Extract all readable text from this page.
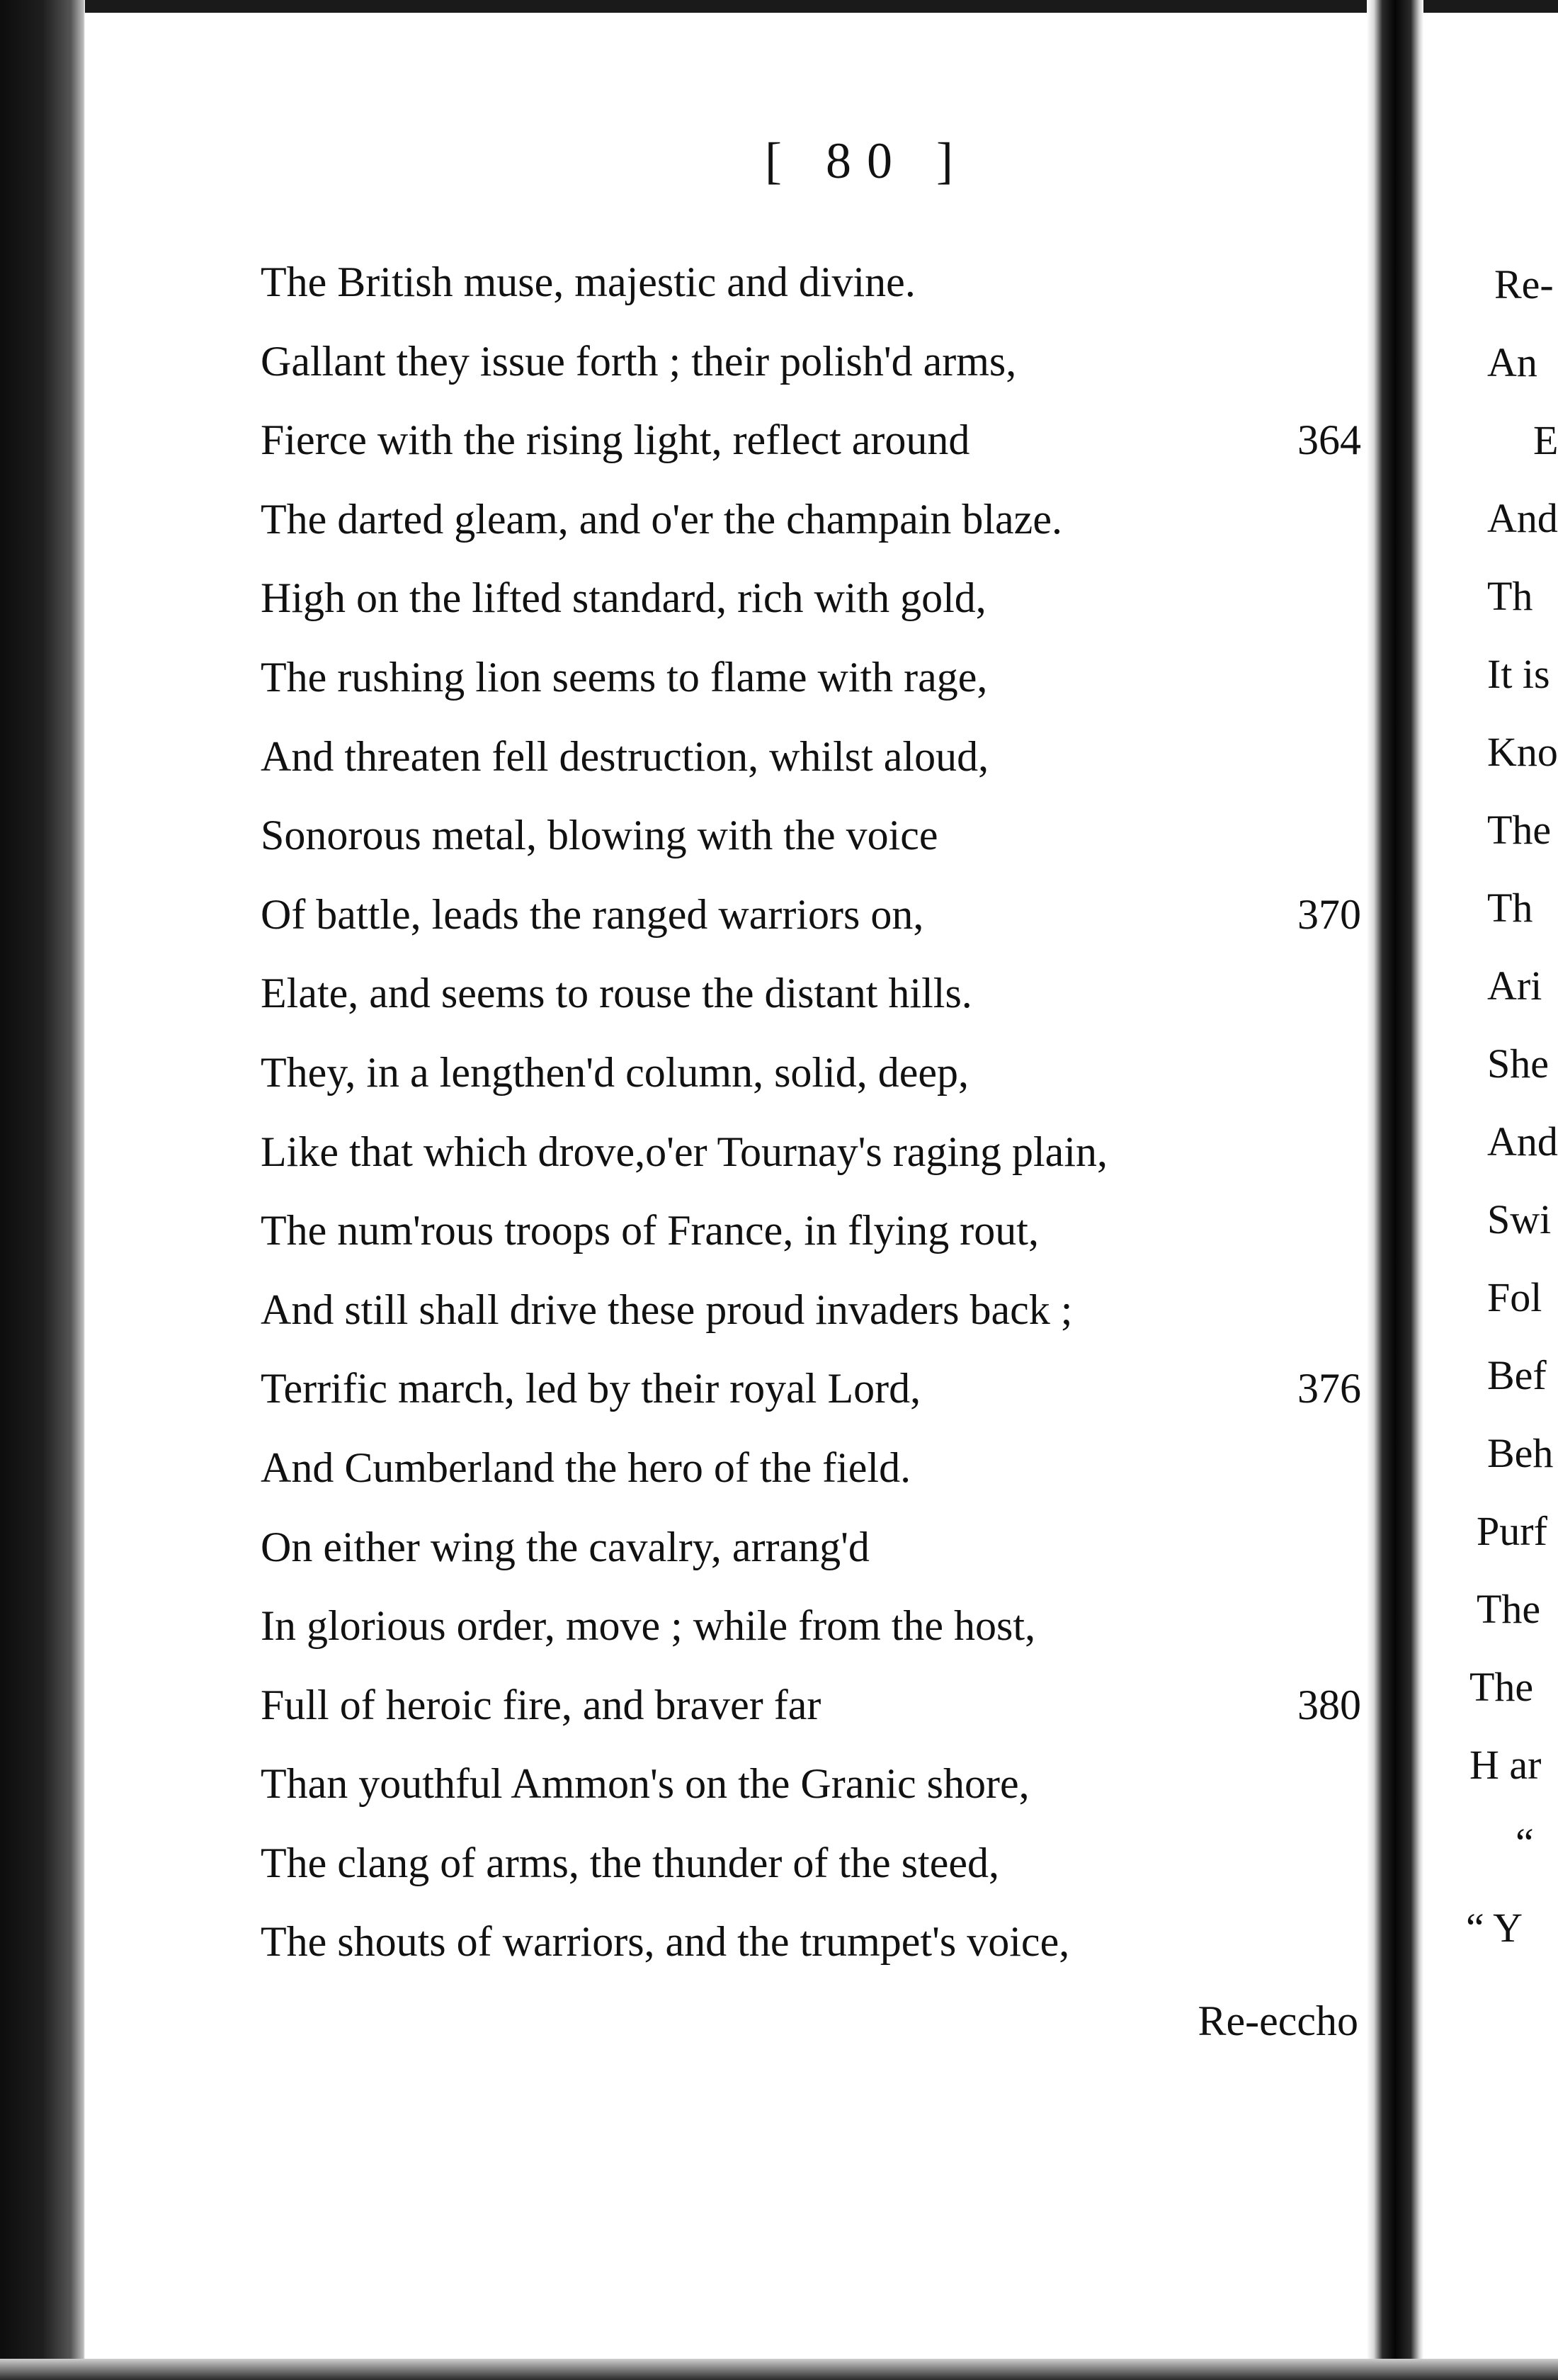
[ 80 ]
The British muse, majestic and divine.
Gallant they issue forth ; their polish'd arms,
Fierce with the rising light, reflect around	364
The darted gleam, and o'er the champain blaze.
High on the lifted standard, rich with gold,
The rushing lion seems to flame with rage,
And threaten fell destruction, whilst aloud,
Sonorous metal, blowing with the voice
Of battle, leads the ranged warriors on,	370
Elate, and seems to rouse the distant hills.
They, in a lengthen'd column, solid, deep,
Like that which drove,o'er Tournay's raging plain,
The num'rous troops of France, in flying rout,
And still shall drive these proud invaders back ;
Terrific march, led by their royal Lord,	376
And Cumberland the hero of the field.
On either wing the cavalry, arrang'd
In glorious order, move ; while from the host,
Full of heroic fire, and braver far	380
Than youthful Ammon's on the Granic shore,
The clang of arms, the thunder of the steed,
The shouts of warriors, and the trumpet's voice,
Re-eccho
Re-
An
E
And
Th
It is
Kno
The
Th
Ari
She
And
Swi
Fol
Bef
Beh
Purf
The
The
H ar
“
“ Y
